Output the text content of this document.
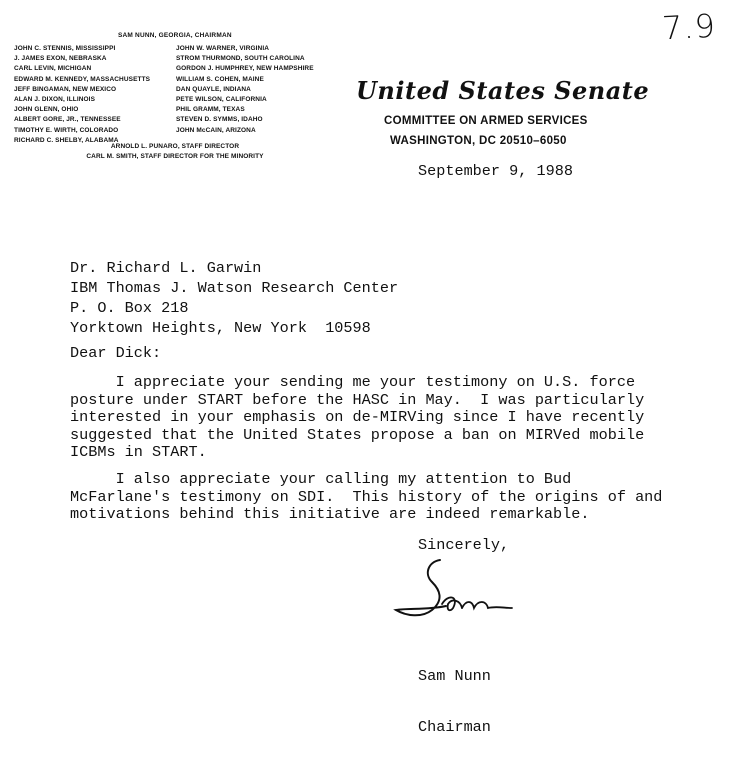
7.9
SAM NUNN, GEORGIA, CHAIRMAN
JOHN C. STENNIS, MISSISSIPPI
J. JAMES EXON, NEBRASKA
CARL LEVIN, MICHIGAN
EDWARD M. KENNEDY, MASSACHUSETTS
JEFF BINGAMAN, NEW MEXICO
ALAN J. DIXON, ILLINOIS
JOHN GLENN, OHIO
ALBERT GORE, JR., TENNESSEE
TIMOTHY E. WIRTH, COLORADO
RICHARD C. SHELBY, ALABAMA
JOHN W. WARNER, VIRGINIA
STROM THURMOND, SOUTH CAROLINA
GORDON J. HUMPHREY, NEW HAMPSHIRE
WILLIAM S. COHEN, MAINE
DAN QUAYLE, INDIANA
PETE WILSON, CALIFORNIA
PHIL GRAMM, TEXAS
STEVEN D. SYMMS, IDAHO
JOHN McCAIN, ARIZONA
ARNOLD L. PUNARO, STAFF DIRECTOR
CARL M. SMITH, STAFF DIRECTOR FOR THE MINORITY
United States Senate
COMMITTEE ON ARMED SERVICES
WASHINGTON, DC 20510–6050
September 9, 1988
Dr. Richard L. Garwin
IBM Thomas J. Watson Research Center
P. O. Box 218
Yorktown Heights, New York  10598
Dear Dick:
I appreciate your sending me your testimony on U.S. force
posture under START before the HASC in May.  I was particularly
interested in your emphasis on de-MIRVing since I have recently
suggested that the United States propose a ban on MIRVed mobile
ICBMs in START.
I also appreciate your calling my attention to Bud
McFarlane's testimony on SDI.  This history of the origins of and
motivations behind this initiative are indeed remarkable.
Sincerely,

Sam Nunn

Chairman
